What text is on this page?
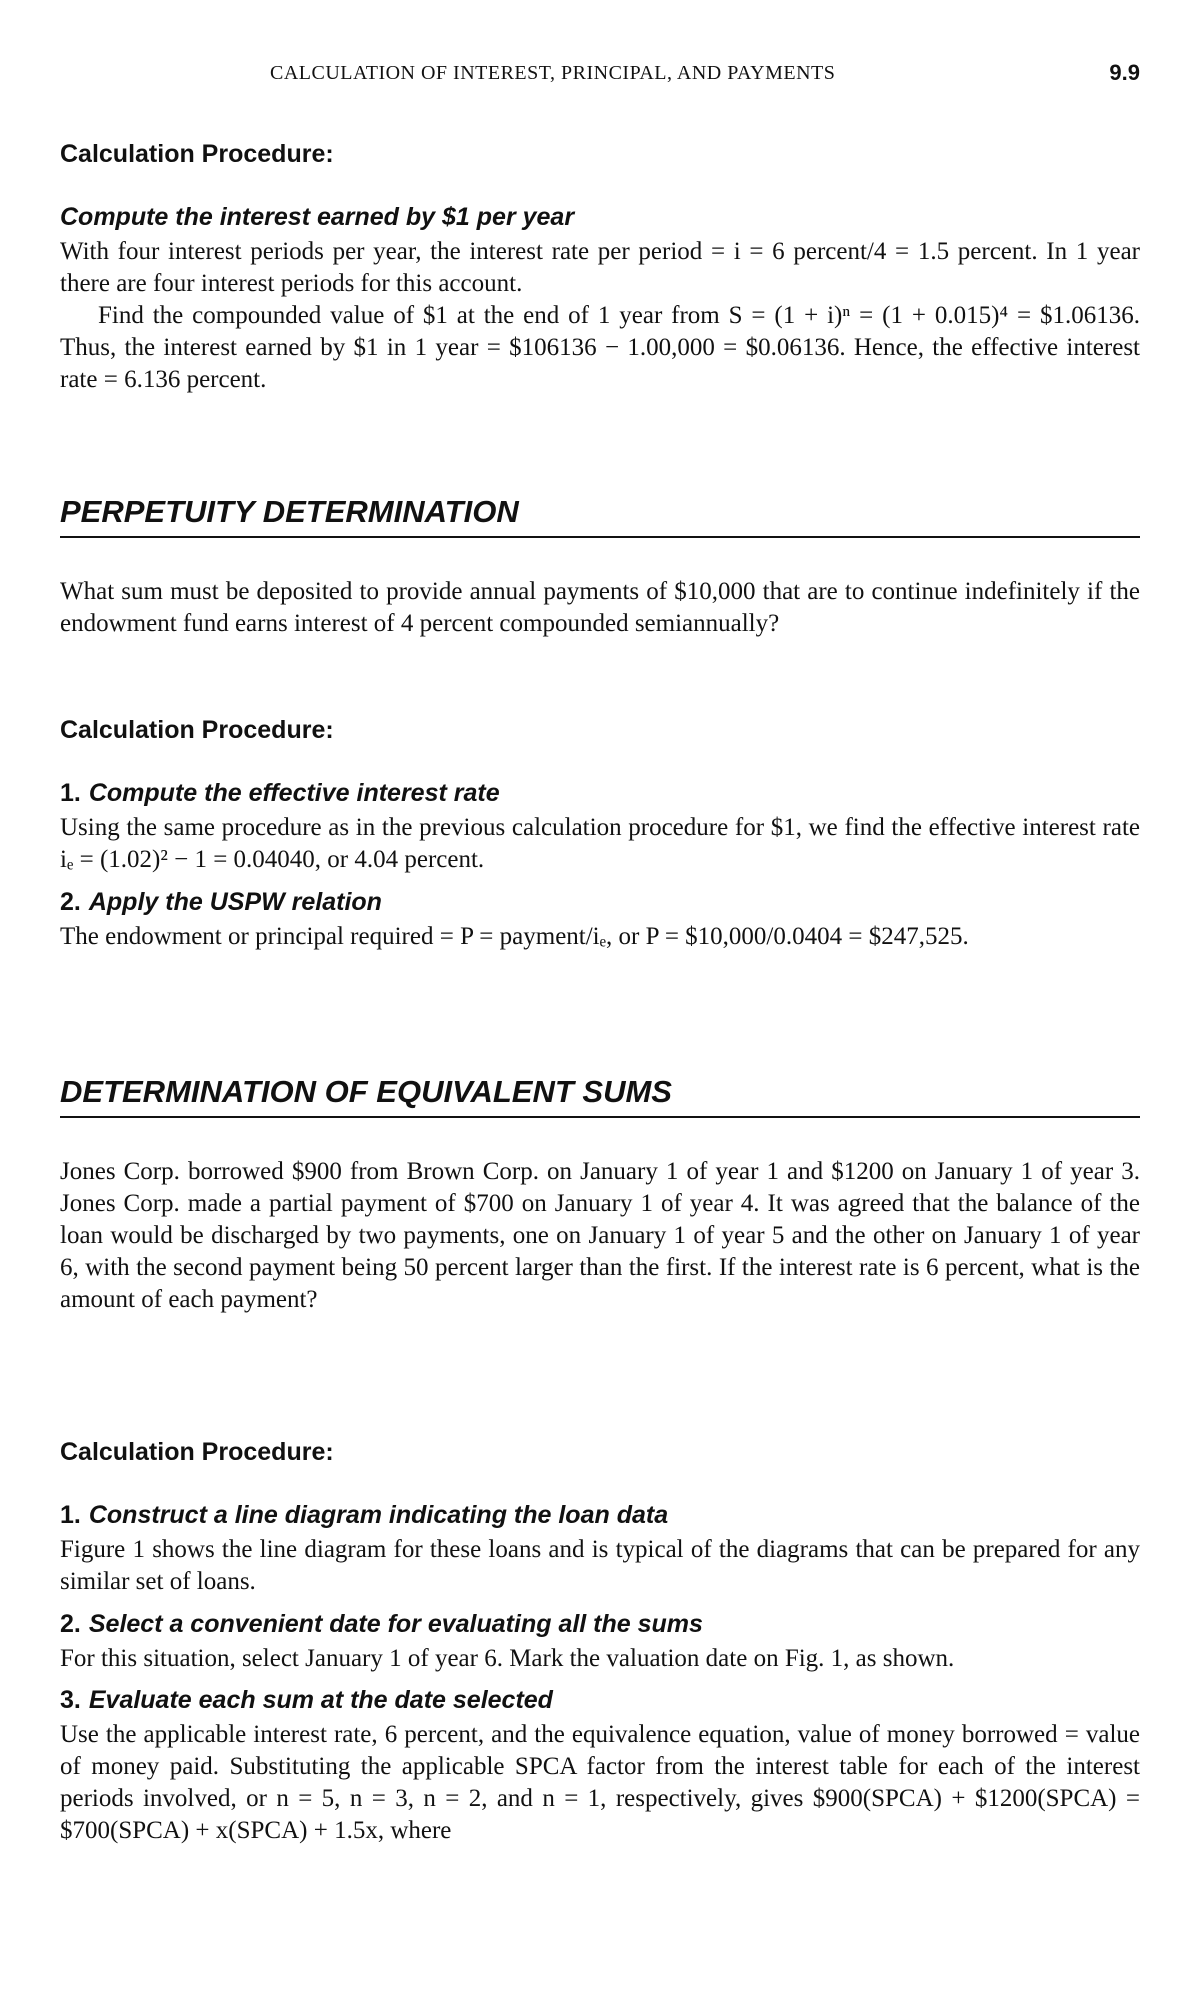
CALCULATION OF INTEREST, PRINCIPAL, AND PAYMENTS	9.9
Calculation Procedure:
Compute the interest earned by $1 per year

With four interest periods per year, the interest rate per period = i = 6 percent/4 = 1.5 percent. In 1 year there are four interest periods for this account.

Find the compounded value of $1 at the end of 1 year from S = (1 + i)ⁿ = (1 + 0.015)⁴ = $1.06136. Thus, the interest earned by $1 in 1 year = $106136 − 1.00,000 = $0.06136. Hence, the effective interest rate = 6.136 percent.

PERPETUITY DETERMINATION

What sum must be deposited to provide annual payments of $10,000 that are to continue indefinitely if the endowment fund earns interest of 4 percent compounded semiannually?

Calculation Procedure:
1. Compute the effective interest rate

Using the same procedure as in the previous calculation procedure for $1, we find the effective interest rate iₑ = (1.02)² − 1 = 0.04040, or 4.04 percent.

2. Apply the USPW relation

The endowment or principal required = P = payment/iₑ, or P = $10,000/0.0404 = $247,525.

DETERMINATION OF EQUIVALENT SUMS

Jones Corp. borrowed $900 from Brown Corp. on January 1 of year 1 and $1200 on January 1 of year 3. Jones Corp. made a partial payment of $700 on January 1 of year 4. It was agreed that the balance of the loan would be discharged by two payments, one on January 1 of year 5 and the other on January 1 of year 6, with the second payment being 50 percent larger than the first. If the interest rate is 6 percent, what is the amount of each payment?

Calculation Procedure:
1. Construct a line diagram indicating the loan data

Figure 1 shows the line diagram for these loans and is typical of the diagrams that can be prepared for any similar set of loans.

2. Select a convenient date for evaluating all the sums

For this situation, select January 1 of year 6. Mark the valuation date on Fig. 1, as shown.

3. Evaluate each sum at the date selected

Use the applicable interest rate, 6 percent, and the equivalence equation, value of money borrowed = value of money paid. Substituting the applicable SPCA factor from the interest table for each of the interest periods involved, or n = 5, n = 3, n = 2, and n = 1, respectively, gives $900(SPCA) + $1200(SPCA) = $700(SPCA) + x(SPCA) + 1.5x, where
